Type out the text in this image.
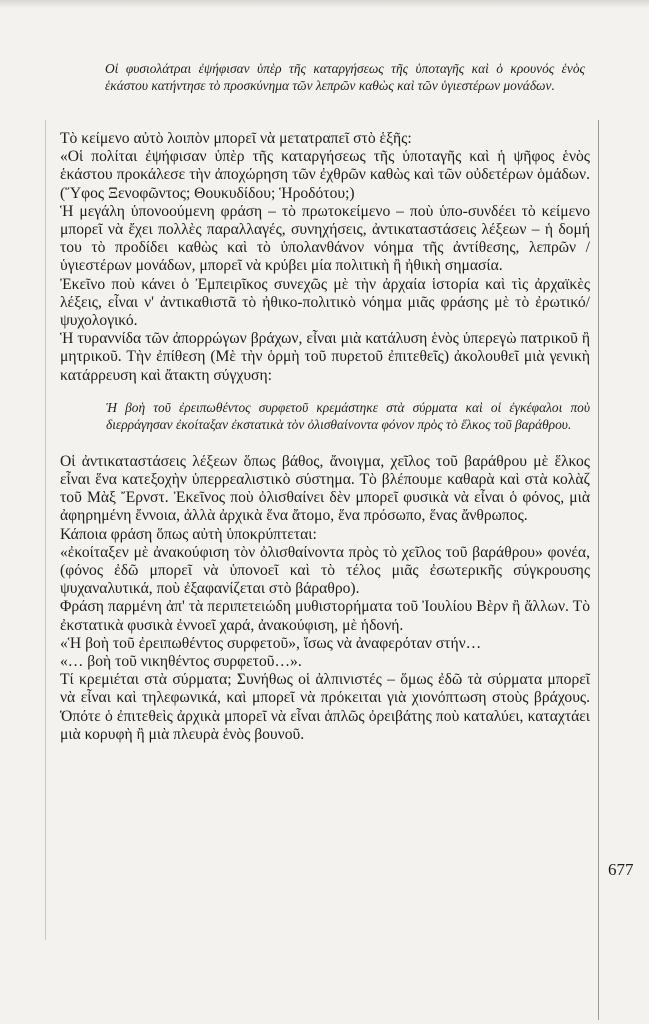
Οἱ φυσιολάτραι ἐψήφισαν ὑπὲρ τῆς καταργήσεως τῆς ὑποταγῆς καὶ ὁ κρουνός ἑνὸς ἑκάστου κατήντησε τὸ προσκύνημα τῶν λεπρῶν καθὼς καὶ τῶν ὑγιεστέρων μονάδων.

Τὸ κείμενο αὐτὸ λοιπὸν μπορεῖ νὰ μετατραπεῖ στὸ ἑξῆς:

«Οἱ πολίται ἐψήφισαν ὑπὲρ τῆς καταργήσεως τῆς ὑποταγῆς καὶ ἡ ψῆφος ἑνὸς ἑκάστου προκάλεσε τὴν ἀποχώρηση τῶν ἐχθρῶν καθὼς καὶ τῶν οὐδετέρων ὁμάδων. (Ὕφος Ξενοφῶντος; Θουκυδίδου; Ἡροδότου;)

Ἡ μεγάλη ὑπονοούμενη φράση – τὸ πρωτοκείμενο – ποὺ ὑπο-συνδέει τὸ κείμενο μπορεῖ νὰ ἔχει πολλὲς παραλλαγές, συνηχήσεις, ἀντικαταστάσεις λέξεων – ἡ δομή του τὸ προδίδει καθὼς καὶ τὸ ὑπολανθάνον νόημα τῆς ἀντίθεσης, λεπρῶν / ὑγιεστέρων μονάδων, μπορεῖ νὰ κρύβει μία πολιτικὴ ἢ ἠθικὴ σημασία.

Ἐκεῖνο ποὺ κάνει ὁ Ἐμπειρῖκος συνεχῶς μὲ τὴν ἀρχαία ἱστορία καὶ τὶς ἀρχαϊκὲς λέξεις, εἶναι ν' ἀντικαθιστᾶ τὸ ἠθικο-πολιτικὸ νόημα μιᾶς φράσης μὲ τὸ ἐρωτικό/ψυχολογικό.

Ἡ τυραννίδα τῶν ἀπορρώγων βράχων, εἶναι μιὰ κατάλυση ἑνὸς ὑπερεγὼ πατρικοῦ ἢ μητρικοῦ. Τὴν ἐπίθεση (Μὲ τὴν ὁρμὴ τοῦ πυρετοῦ ἐπιτεθεῖς) ἀκολουθεῖ μιὰ γενικὴ κατάρρευση καὶ ἄτακτη σύγχυση:

Ἡ βοὴ τοῦ ἐρειπωθέντος συρφετοῦ κρεμάστηκε στὰ σύρματα καὶ οἱ ἐγκέφαλοι ποὺ διερράγησαν ἐκοίταξαν ἐκστατικὰ τὸν ὀλισθαίνοντα φόνον πρὸς τὸ ἕλκος τοῦ βαράθρου.

Οἱ ἀντικαταστάσεις λέξεων ὅπως βάθος, ἄνοιγμα, χεῖλος τοῦ βαράθρου μὲ ἕλκος εἶναι ἕνα κατεξοχὴν ὑπερρεαλιστικὸ σύστημα. Τὸ βλέπουμε καθαρὰ καὶ στὰ κολὰζ τοῦ Μὰξ Ἔρνστ. Ἐκεῖνος ποὺ ὀλισθαίνει δὲν μπορεῖ φυσικὰ νὰ εἶναι ὁ φόνος, μιὰ ἀφηρημένη ἔννοια, ἀλλὰ ἀρχικὰ ἕνα ἄτομο, ἕνα πρόσωπο, ἕνας ἄνθρωπος.

Κάποια φράση ὅπως αὐτὴ ὑποκρύπτεται:

«ἐκοίταξεν μὲ ἀνακούφιση τὸν ὀλισθαίνοντα πρὸς τὸ χεῖλος τοῦ βαράθρου» φονέα, (φόνος ἐδῶ μπορεῖ νὰ ὑπονοεῖ καὶ τὸ τέλος μιᾶς ἐσωτερικῆς σύγκρουσης ψυχαναλυτικά, ποὺ ἐξαφανίζεται στὸ βάραθρο).

Φράση παρμένη ἀπ' τὰ περιπετειώδη μυθιστορήματα τοῦ Ἰουλίου Βὲρν ἢ ἄλλων. Τὸ ἐκστατικὰ φυσικὰ ἐννοεῖ χαρά, ἀνακούφιση, μὲ ἡδονή.

«Ἡ βοὴ τοῦ ἐρειπωθέντος συρφετοῦ», ἴσως νὰ ἀναφερόταν στήν…

«… βοὴ τοῦ νικηθέντος συρφετοῦ…».

Τί κρεμιέται στὰ σύρματα; Συνήθως οἱ ἀλπινιστές – ὅμως ἐδῶ τὰ σύρματα μπορεῖ νὰ εἶναι καὶ τηλεφωνικά, καὶ μπορεῖ νὰ πρόκειται γιὰ χιονόπτωση στοὺς βράχους. Ὁπότε ὁ ἐπιτεθεὶς ἀρχικὰ μπορεῖ νὰ εἶναι ἁπλῶς ὀρειβάτης ποὺ καταλύει, καταχτάει μιὰ κορυφὴ ἢ μιὰ πλευρὰ ἑνὸς βουνοῦ.

677
